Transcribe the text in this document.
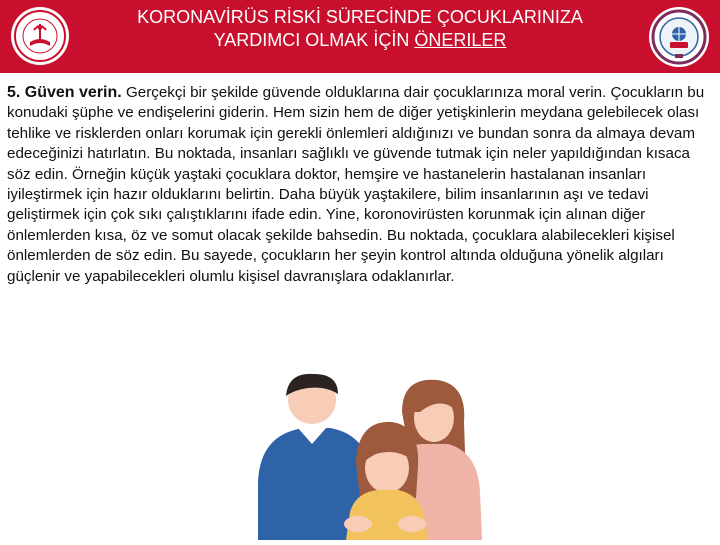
KORONAVİRÜS RİSKİ SÜRECİNDE ÇOCUKLARINIZA
YARDIMCI OLMAK İÇİN ÖNERILER
5. Güven verin. Gerçekçi bir şekilde güvende olduklarına dair çocuklarınıza moral verin. Çocukların bu konudaki şüphe ve endişelerini giderin. Hem sizin hem de diğer yetişkinlerin meydana gelebilecek olası tehlike ve risklerden onları korumak için gerekli önlemleri aldığınızı ve bundan sonra da almaya devam edeceğinizi hatırlatın. Bu noktada, insanları sağlıklı ve güvende tutmak için neler yapıldığından kısaca söz edin. Örneğin küçük yaştaki çocuklara doktor, hemşire ve hastanelerin hastalanan insanları iyileştirmek için hazır olduklarını belirtin. Daha büyük yaştakilere, bilim insanlarının aşı ve tedavi geliştirmek için çok sıkı çalıştıklarını ifade edin. Yine, koronovirüsten korunmak için alınan diğer önlemlerden kısa, öz ve somut olacak şekilde bahsedin. Bu noktada, çocuklara alabilecekleri kişisel önlemlerden de söz edin. Bu sayede, çocukların her şeyin kontrol altında olduğuna yönelik algıları güçlenir ve yapabilecekleri olumlu kişisel davranışlara odaklanırlar.
